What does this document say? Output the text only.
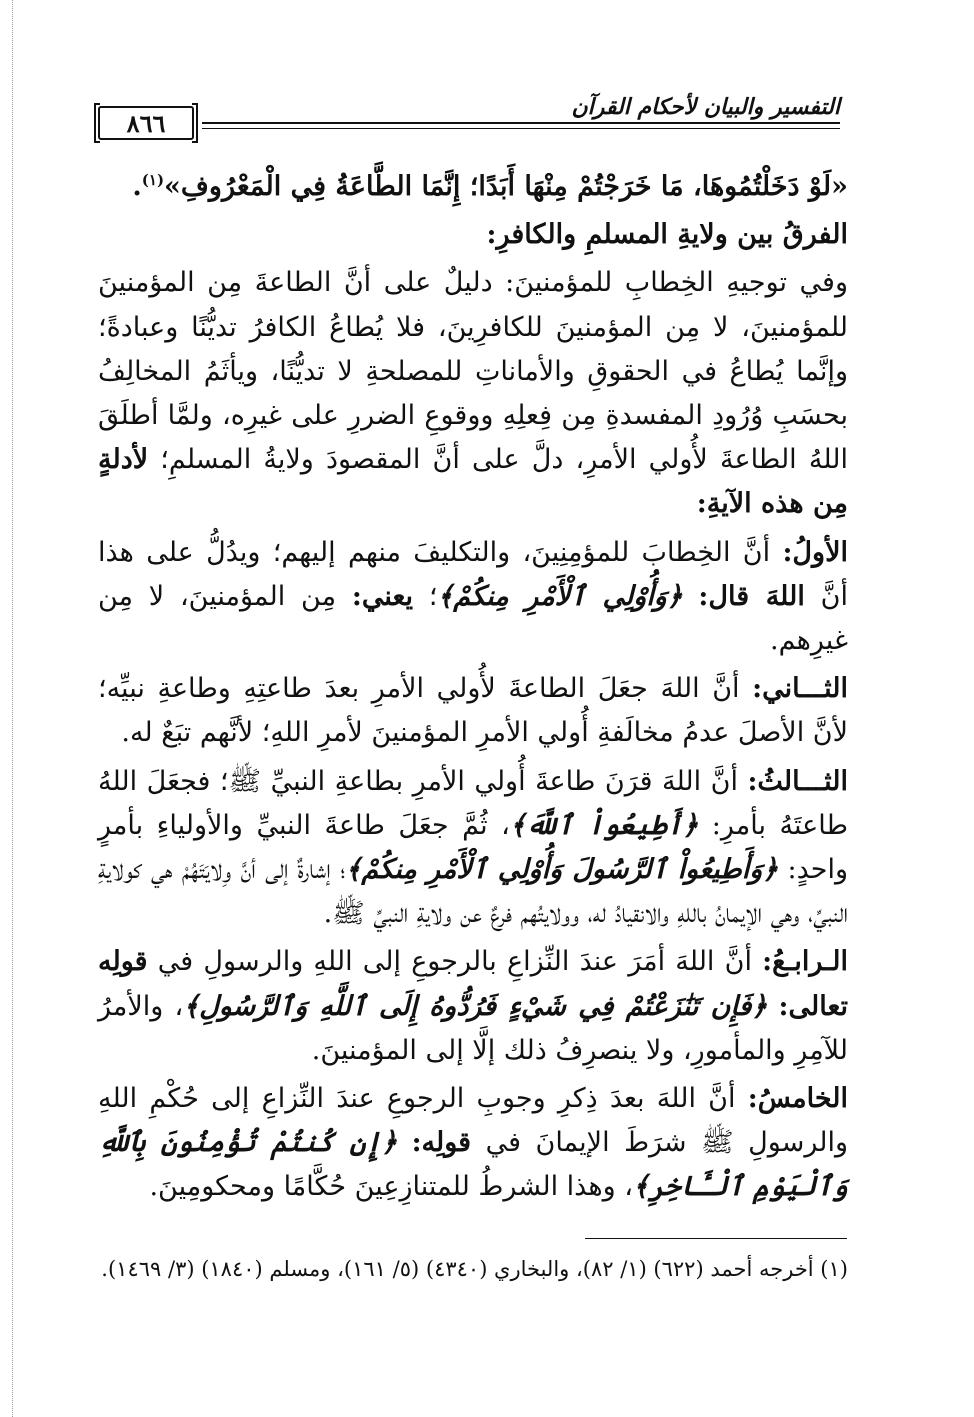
التفسير والبيان لأحكام القرآن
٨٦٦

«لَوْ دَخَلْتُمُوهَا، مَا خَرَجْتُمْ مِنْهَا أَبَدًا؛ إِنَّمَا الطَّاعَةُ فِي الْمَعْرُوفِ»$^{(١)}$.

الفرقُ بين ولايةِ المسلمِ والكافرِ:

وفي توجيهِ الخِطابِ للمؤمنينَ: دليلٌ على أنَّ الطاعةَ مِن المؤمنينَ للمؤمنينَ، لا مِن المؤمنينَ للكافرِينَ، فلا يُطاعُ الكافرُ تديُّنًا وعبادةً؛ وإنَّما يُطاعُ في الحقوقِ والأماناتِ للمصلحةِ لا تديُّنًا، ويأثَمُ المخالِفُ بحسَبِ وُرُودِ المفسدةِ مِن فِعلِهِ ووقوعِ الضررِ على غيرِه، ولمَّا أطلَقَ اللهُ الطاعةَ لأُولي الأمرِ، دلَّ على أنَّ المقصودَ ولايةُ المسلمِ؛ لأدلةٍ مِن هذه الآيةِ:

الأولُ: أنَّ الخِطابَ للمؤمِنِينَ، والتكليفَ منهم إليهم؛ ويدُلُّ على هذا أنَّ اللهَ قال: ﴿وَأُوْلِي ٱلْأَمْرِ مِنكُمْ﴾؛ يعني: مِن المؤمنينَ، لا مِن غيرِهم.

الثـــاني: أنَّ اللهَ جعَلَ الطاعةَ لأُولي الأمرِ بعدَ طاعتِهِ وطاعةِ نبيِّه؛ لأنَّ الأصلَ عدمُ مخالَفةِ أُولي الأمرِ المؤمنينَ لأمرِ اللهِ؛ لأنَّهم تبَعٌ له.

الثـــالثُ: أنَّ اللهَ قرَنَ طاعةَ أُولي الأمرِ بطاعةِ النبيِّ ﷺ؛ فجعَلَ اللهُ طاعتَهُ بأمرِ: ﴿أَطِيعُواْ ٱللَّهَ﴾، ثُمَّ جعَلَ طاعةَ النبيِّ والأولياءِ بأمرٍ واحدٍ: ﴿وَأَطِيعُواْ ٱلرَّسُولَ وَأُوْلِي ٱلْأَمْرِ مِنكُمْ﴾؛ إشارةٌ إلى أنَّ وِلايَتَهُمْ هي كولايةِ النبيِّ، وهي الإيمانُ باللهِ والانقيادُ له، وولايتُهم فرعٌ عن ولايةِ النبيِّ ﷺ.

الـرابـعُ: أنَّ اللهَ أمَرَ عندَ النِّزاعِ بالرجوعِ إلى اللهِ والرسولِ في قولِه تعالى: ﴿فَإِن تَنَٰزَعْتُمْ فِي شَيْءٍ فَرُدُّوهُ إِلَى ٱللَّهِ وَٱلرَّسُولِ﴾، والأمرُ للآمِرِ والمأمورِ، ولا ينصرِفُ ذلك إلَّا إلى المؤمنينَ.

الخامسُ: أنَّ اللهَ بعدَ ذِكرِ وجوبِ الرجوعِ عندَ النِّزاعِ إلى حُكْمِ اللهِ والرسولِ ﷺ شرَطَ الإيمانَ في قولِه: ﴿إِن كُنتُمْ تُؤْمِنُونَ بِٱللَّهِ وَٱلْيَوْمِ ٱلْـَٔاخِرِ﴾، وهذا الشرطُ للمتنازِعِينَ حُكَّامًا ومحكومِينَ.

(١) أخرجه أحمد (٦٢٢) (١/ ٨٢)، والبخاري (٤٣٤٠) (٥/ ١٦١)، ومسلم (١٨٤٠) (٣/ ١٤٦٩).
